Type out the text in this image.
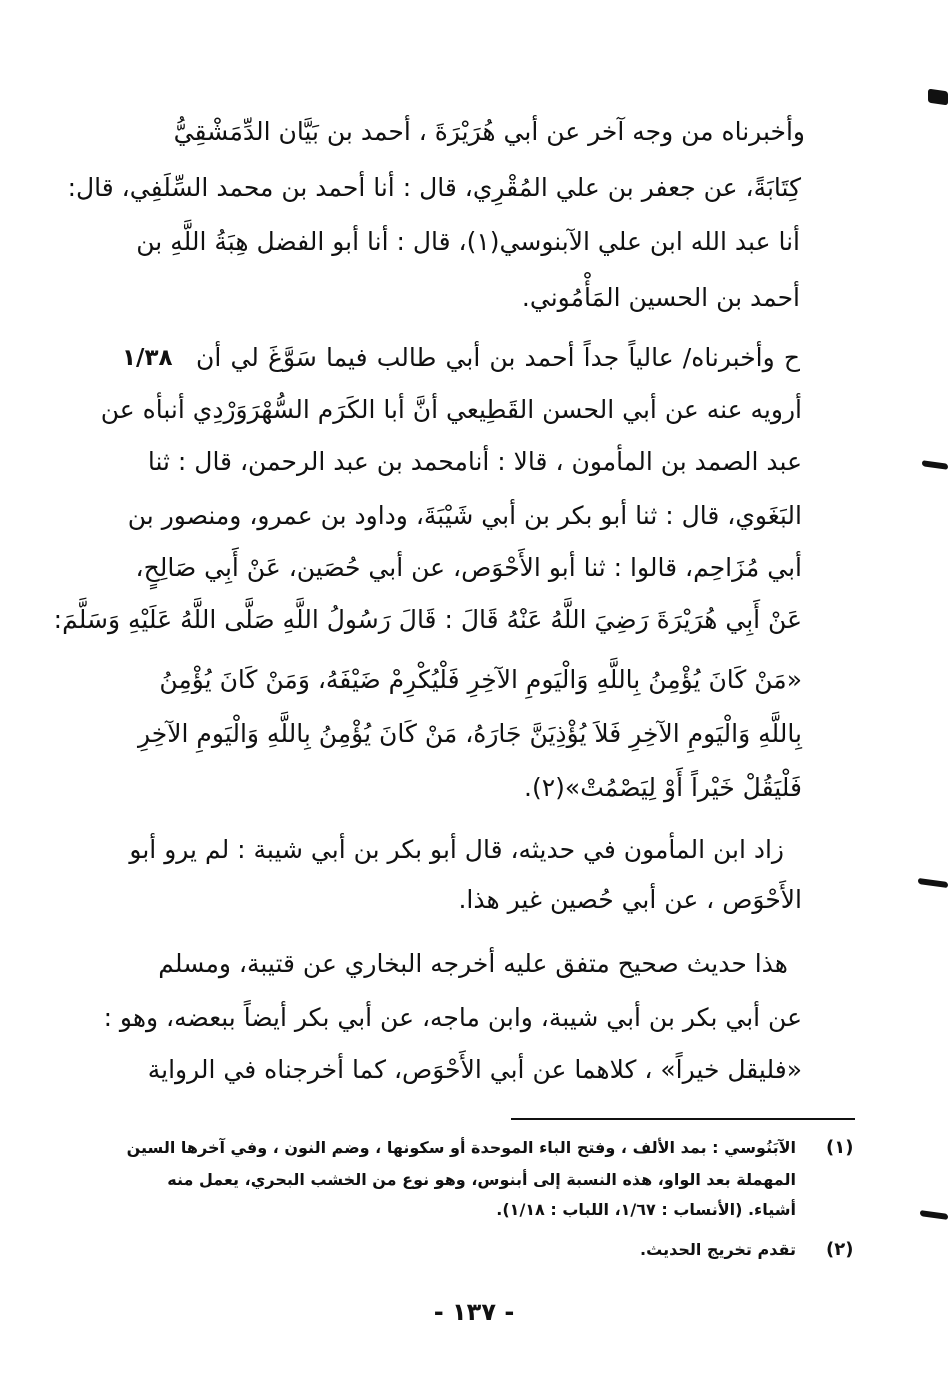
وأخبرناه من وجه آخر عن أبي هُرَيْرَةَ ، أحمد بن بَيَّان الدِّمَشْقِيُّ
كِتَابَةً، عن جعفر بن علي المُقْرِي، قال : أنا أحمد بن محمد السِّلَفِي، قال:
أنا عبد الله ابن علي الآبنوسي(١)، قال : أنا أبو الفضل هِبَةُ اللَّهِ بن
أحمد بن الحسين المَأْمُوني.
١/٣٨ ح وأخبرناه/ عالياً جداً أحمد بن أبي طالب فيما سَوَّغَ لي أن
أرويه عنه عن أبي الحسن القَطِيعي أنَّ أبا الكَرَم السُّهْرَوَرْدِي أنبأه عن
عبد الصمد بن المأمون ، قالا : أنامحمد بن عبد الرحمن، قال : ثنا
البَغَوي، قال : ثنا أبو بكر بن أبي شَيْبَةَ، وداود بن عمرو، ومنصور بن
أبي مُزَاحِم، قالوا : ثنا أبو الأَحْوَص، عن أبي حُصَين، عَنْ أَبِي صَالِحٍ،
عَنْ أَبِي هُرَيْرَةَ رَضِيَ اللَّهُ عَنْهُ قَالَ : قَالَ رَسُولُ اللَّهِ صَلَّى اللَّهُ عَلَيْهِ وَسَلَّمَ:
«مَنْ كَانَ يُؤْمِنُ بِاللَّهِ وَالْيَومِ الآخِرِ فَلْيُكْرِمْ ضَيْفَهُ، وَمَنْ كَانَ يُؤْمِنُ
بِاللَّهِ وَالْيَومِ الآخِرِ فَلاَ يُؤْذِيَنَّ جَارَهُ، مَنْ كَانَ يُؤْمِنُ بِاللَّهِ وَالْيَومِ الآخِرِ
فَلْيَقُلْ خَيْراً أَوْ لِيَصْمُتْ»(٢).
زاد ابن المأمون في حديثه، قال أبو بكر بن أبي شيبة : لم يرو أبو
الأَحْوَص ، عن أبي حُصين غير هذا.
هذا حديث صحيح متفق عليه أخرجه البخاري عن قتيبة، ومسلم
عن أبي بكر بن أبي شيبة، وابن ماجه، عن أبي بكر أيضاً ببعضه، وهو :
«فليقل خيراً» ، كلاهما عن أبي الأَحْوَص، كما أخرجناه في الرواية
(١)
الآبَنُوسي : بمد الألف ، وفتح الباء الموحدة أو سكونها ، وضم النون ، وفي آخرها السين
المهملة بعد الواو، هذه النسبة إلى أبنوس، وهو نوع من الخشب البحري، يعمل منه
أشياء. (الأنساب : ١/٦٧، اللباب : ١/١٨).
(٢)
تقدم تخريج الحديث.
- ١٣٧ -
